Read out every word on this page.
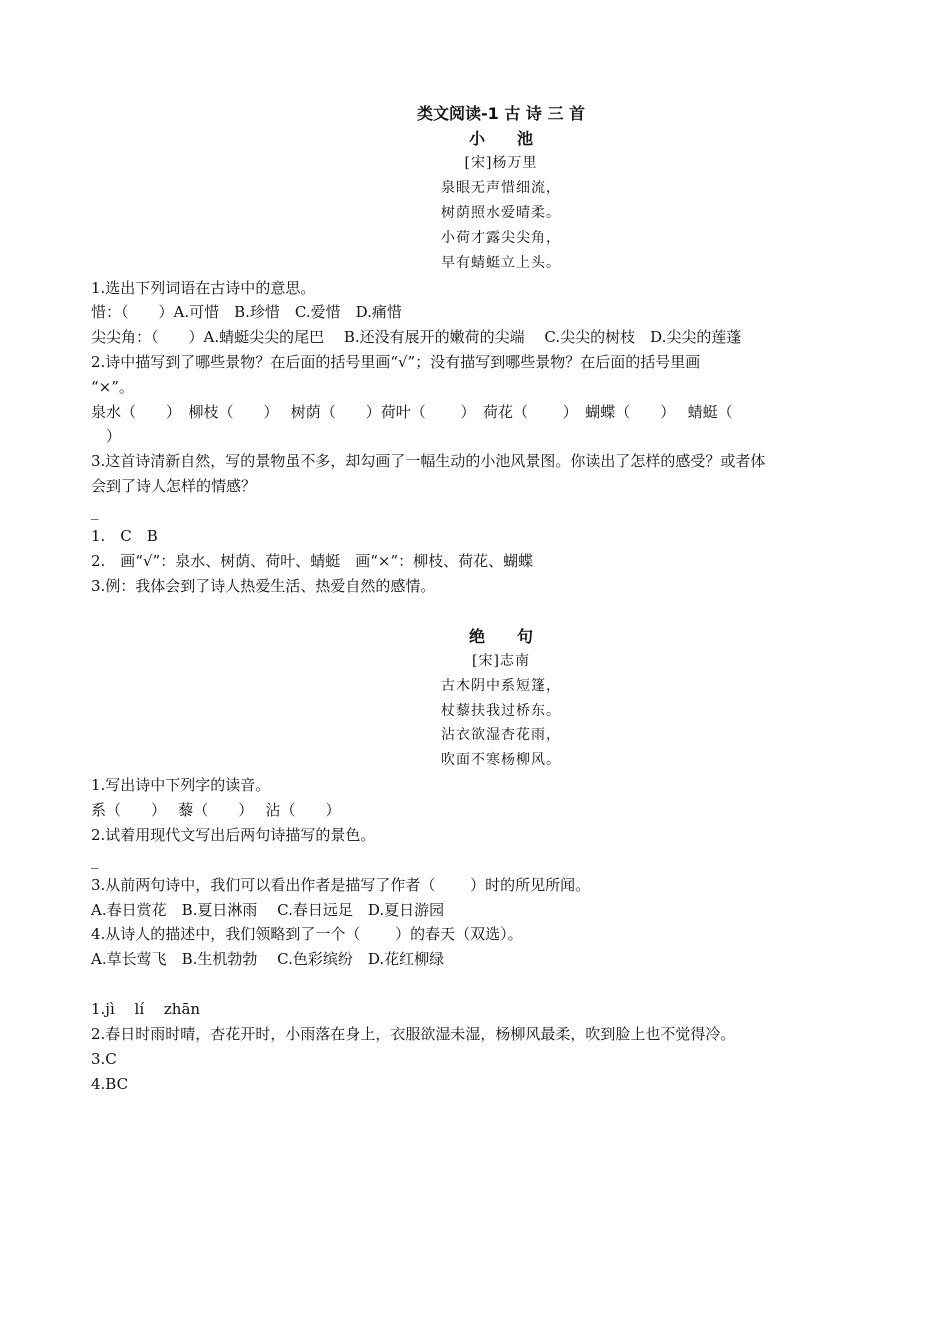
类文阅读-1 古 诗 三 首
小　　池
[宋]杨万里
泉眼无声惜细流，
树荫照水爱晴柔。
小荷才露尖尖角，
早有蜻蜓立上头。
1.选出下列词语在古诗中的意思。
惜：（　　）A.可惜　B.珍惜　C.爱惜　D.痛惜
尖尖角：（　　）A.蜻蜓尖尖的尾巴　 B.还没有展开的嫩荷的尖端　 C.尖尖的树枝　D.尖尖的莲蓬
2.诗中描写到了哪些景物？在后面的括号里画“√”；没有描写到哪些景物？在后面的括号里画
“×”。
泉水（　　）　柳枝（　　）　 树荫（　　）荷叶（　　 ）　荷花（　　 ）　蝴蝶（　　）　 蜻蜓（
　）
3.这首诗清新自然，写的景物虽不多，却勾画了一幅生动的小池风景图。你读出了怎样的感受？或者体
会到了诗人怎样的情感？
_
1.　C　B
2.　画“√”：泉水、树荫、荷叶、蜻蜓　画“×”：柳枝、荷花、蝴蝶
3.例：我体会到了诗人热爱生活、热爱自然的感情。
绝　　句
[宋]志南
古木阴中系短篷，
杖藜扶我过桥东。
沾衣欲湿杏花雨，
吹面不寒杨柳风。
1.写出诗中下列字的读音。
系（　　）　 藜（　　）　 沾（　　）
2.试着用现代文写出后两句诗描写的景色。
_
3.从前两句诗中，我们可以看出作者是描写了作者（　　 ）时的所见所闻。
A.春日赏花　B.夏日淋雨　 C.春日远足　D.夏日游园
4.从诗人的描述中，我们领略到了一个（　　 ）的春天（双选）。
A.草长莺飞　B.生机勃勃　 C.色彩缤纷　D.花红柳绿
1.jì　 lí　 zhān
2.春日时雨时晴，杏花开时，小雨落在身上，衣服欲湿未湿，杨柳风最柔，吹到脸上也不觉得冷。
3.C
4.BC
